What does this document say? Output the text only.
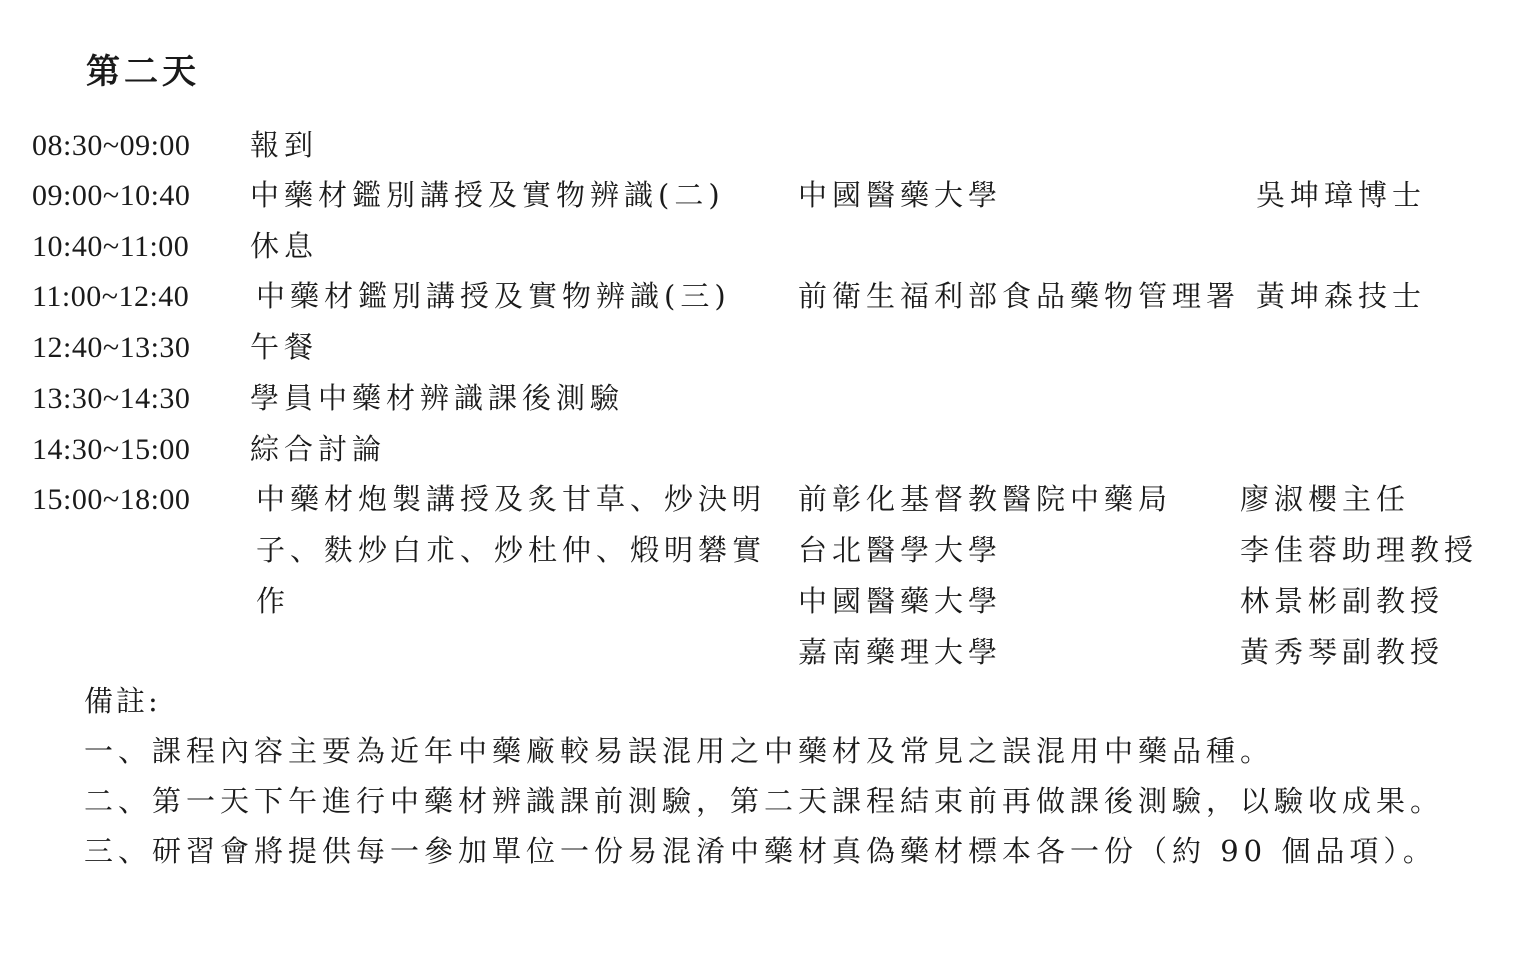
第二天
08:30~09:00 報到
09:00~10:40 中藥材鑑別講授及實物辨識(二)	中國醫藥大學	吳坤璋博士
10:40~11:00 休息
11:00~12:40 中藥材鑑別講授及實物辨識(三) 前衛生福利部食品藥物管理署 黃坤森技士
12:40~13:30 午餐
13:30~14:30 學員中藥材辨識課後測驗
14:30~15:00 綜合討論
15:00~18:00 中藥材炮製講授及炙甘草、炒決明
子、麩炒白朮、炒杜仲、煅明礬實
作
前彰化基督教醫院中藥局
台北醫學大學
中國醫藥大學
嘉南藥理大學
廖淑櫻主任
李佳蓉助理教授
林景彬副教授
黃秀琴副教授
備註:
一、課程內容主要為近年中藥廠較易誤混用之中藥材及常見之誤混用中藥品種。
二、第一天下午進行中藥材辨識課前測驗，第二天課程結束前再做課後測驗，以驗收成果。
三、研習會將提供每一參加單位一份易混淆中藥材真偽藥材標本各一份（約 90 個品項）。
